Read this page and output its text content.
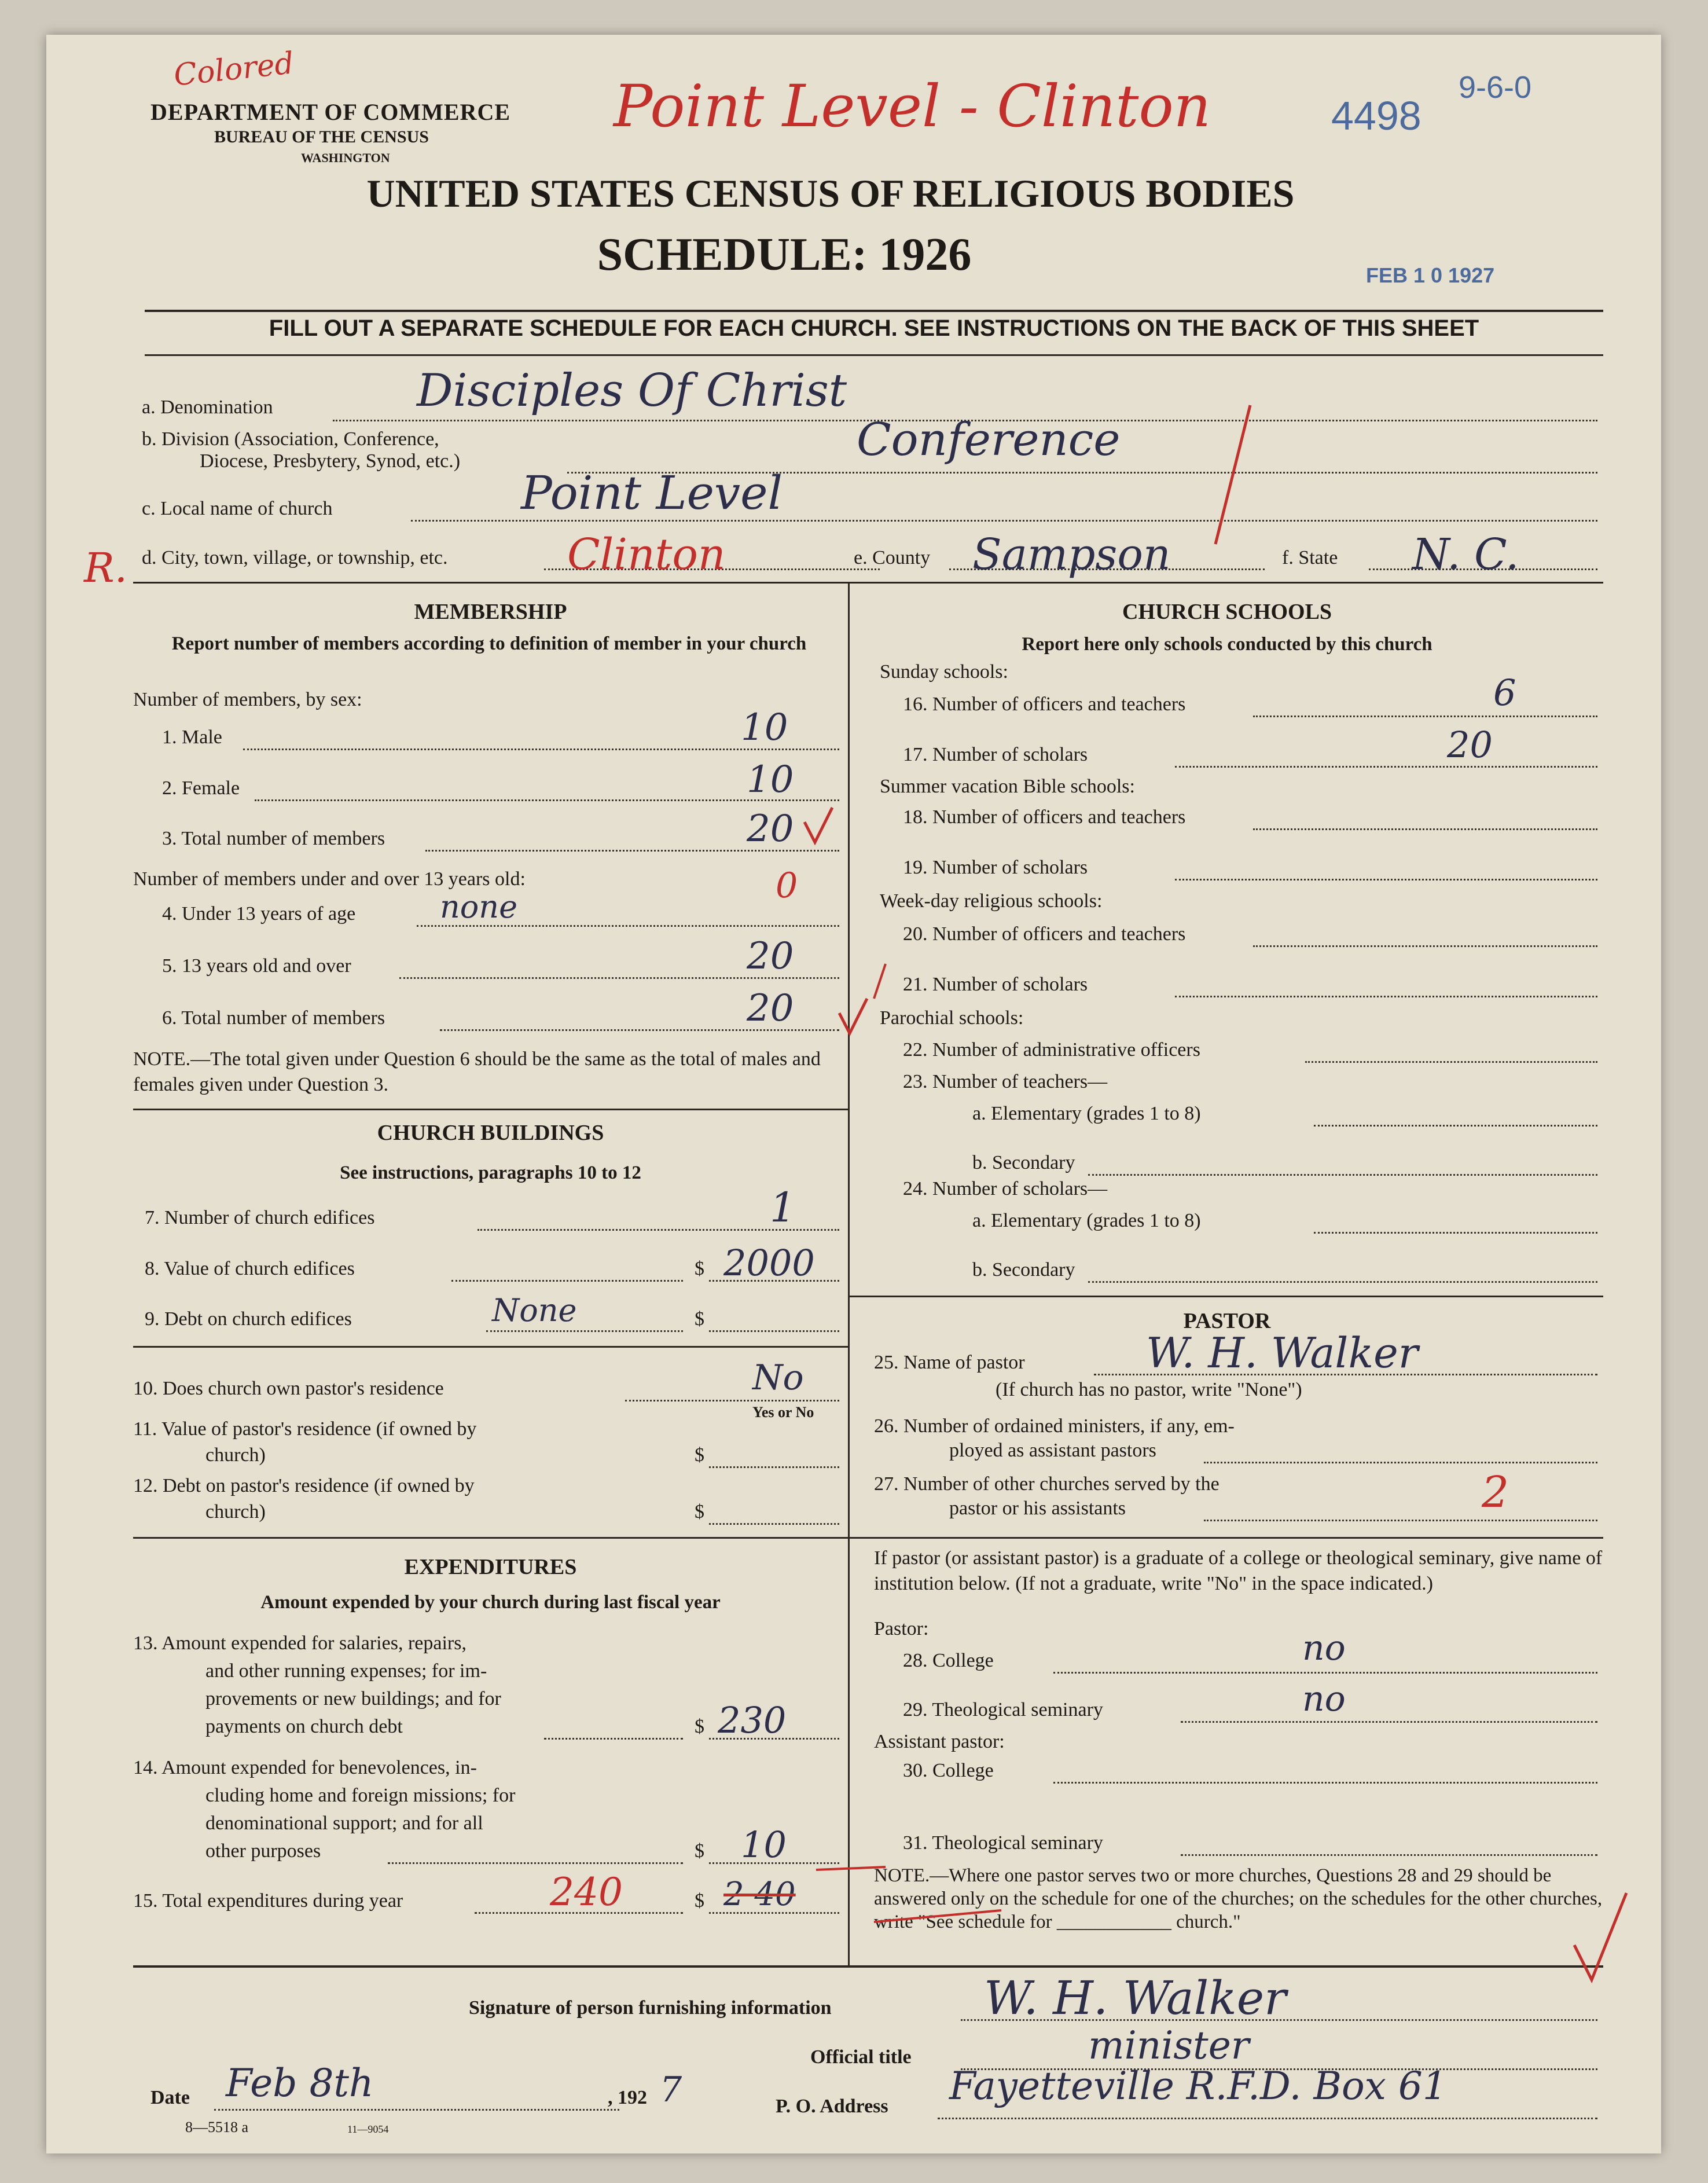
Colored
DEPARTMENT OF COMMERCE
BUREAU OF THE CENSUS
WASHINGTON
Point Level - Clinton	4498
9-6-0
UNITED STATES CENSUS OF RELIGIOUS BODIES
SCHEDULE: 1926	FEB 1 0 1927
FILL OUT A SEPARATE SCHEDULE FOR EACH CHURCH. SEE INSTRUCTIONS ON THE BACK OF THIS SHEET
a. Denomination	Disciples Of Christ
b. Division (Association, Conference,
Diocese, Presbytery, Synod, etc.)	Conference
c. Local name of church	Point Level
R. d. City, town, village, or township, etc.	Clinton	e. County Sampson	f. State N. C.
MEMBERSHIP
Report number of members according to definition of member in your church
Number of members, by sex:
1. Male	10
2. Female	10
3. Total number of members	20
Number of members under and over 13 years old:
4. Under 13 years of age	none
0
5. 13 years old and over	20
6. Total number of members	20
NOTE.—The total given under Question 6 should be the same as the total of males and females given under Question 3.
CHURCH BUILDINGS
See instructions, paragraphs 10 to 12
7. Number of church edifices	1
8. Value of church edifices	$ 2000
9. Debt on church edifices	None	$
10. Does church own pastor's residence	No
Yes or No
11. Value of pastor's residence (if owned by
church)	$
12. Debt on pastor's residence (if owned by
church)	$
EXPENDITURES
Amount expended by your church during last fiscal year
13. Amount expended for salaries, repairs,
and other running expenses; for im-
provements or new buildings; and for
payments on church debt	$ 230
14. Amount expended for benevolences, in-
cluding home and foreign missions; for
denominational support; and for all
other purposes	$ 10
15. Total expenditures during year	240	$ 2 40
CHURCH SCHOOLS
Report here only schools conducted by this church
Sunday schools:
16. Number of officers and teachers	6
17. Number of scholars	20
Summer vacation Bible schools:
18. Number of officers and teachers
19. Number of scholars
Week-day religious schools:
20. Number of officers and teachers
21. Number of scholars
Parochial schools:
22. Number of administrative officers
23. Number of teachers—
a. Elementary (grades 1 to 8)
b. Secondary
24. Number of scholars—
a. Elementary (grades 1 to 8)
b. Secondary
PASTOR
25. Name of pastor	W. H. Walker
(If church has no pastor, write "None")
26. Number of ordained ministers, if any, em-
ployed as assistant pastors
27. Number of other churches served by the
pastor or his assistants	2
If pastor (or assistant pastor) is a graduate of a college or theological seminary, give name of institution below. (If not a graduate, write "No" in the space indicated.)
Pastor:
28. College	no
29. Theological seminary	no
Assistant pastor:
30. College
31. Theological seminary
NOTE.—Where one pastor serves two or more churches, Questions 28 and 29 should be answered only on the schedule for one of the churches; on the schedules for the other churches, write "See schedule for ____________ church."
Signature of person furnishing information	W. H. Walker
Official title	minister
P. O. Address Fayetteville R.F.D. Box 61
Date Feb 8th	, 192 7
8—5518 a	11—9054
